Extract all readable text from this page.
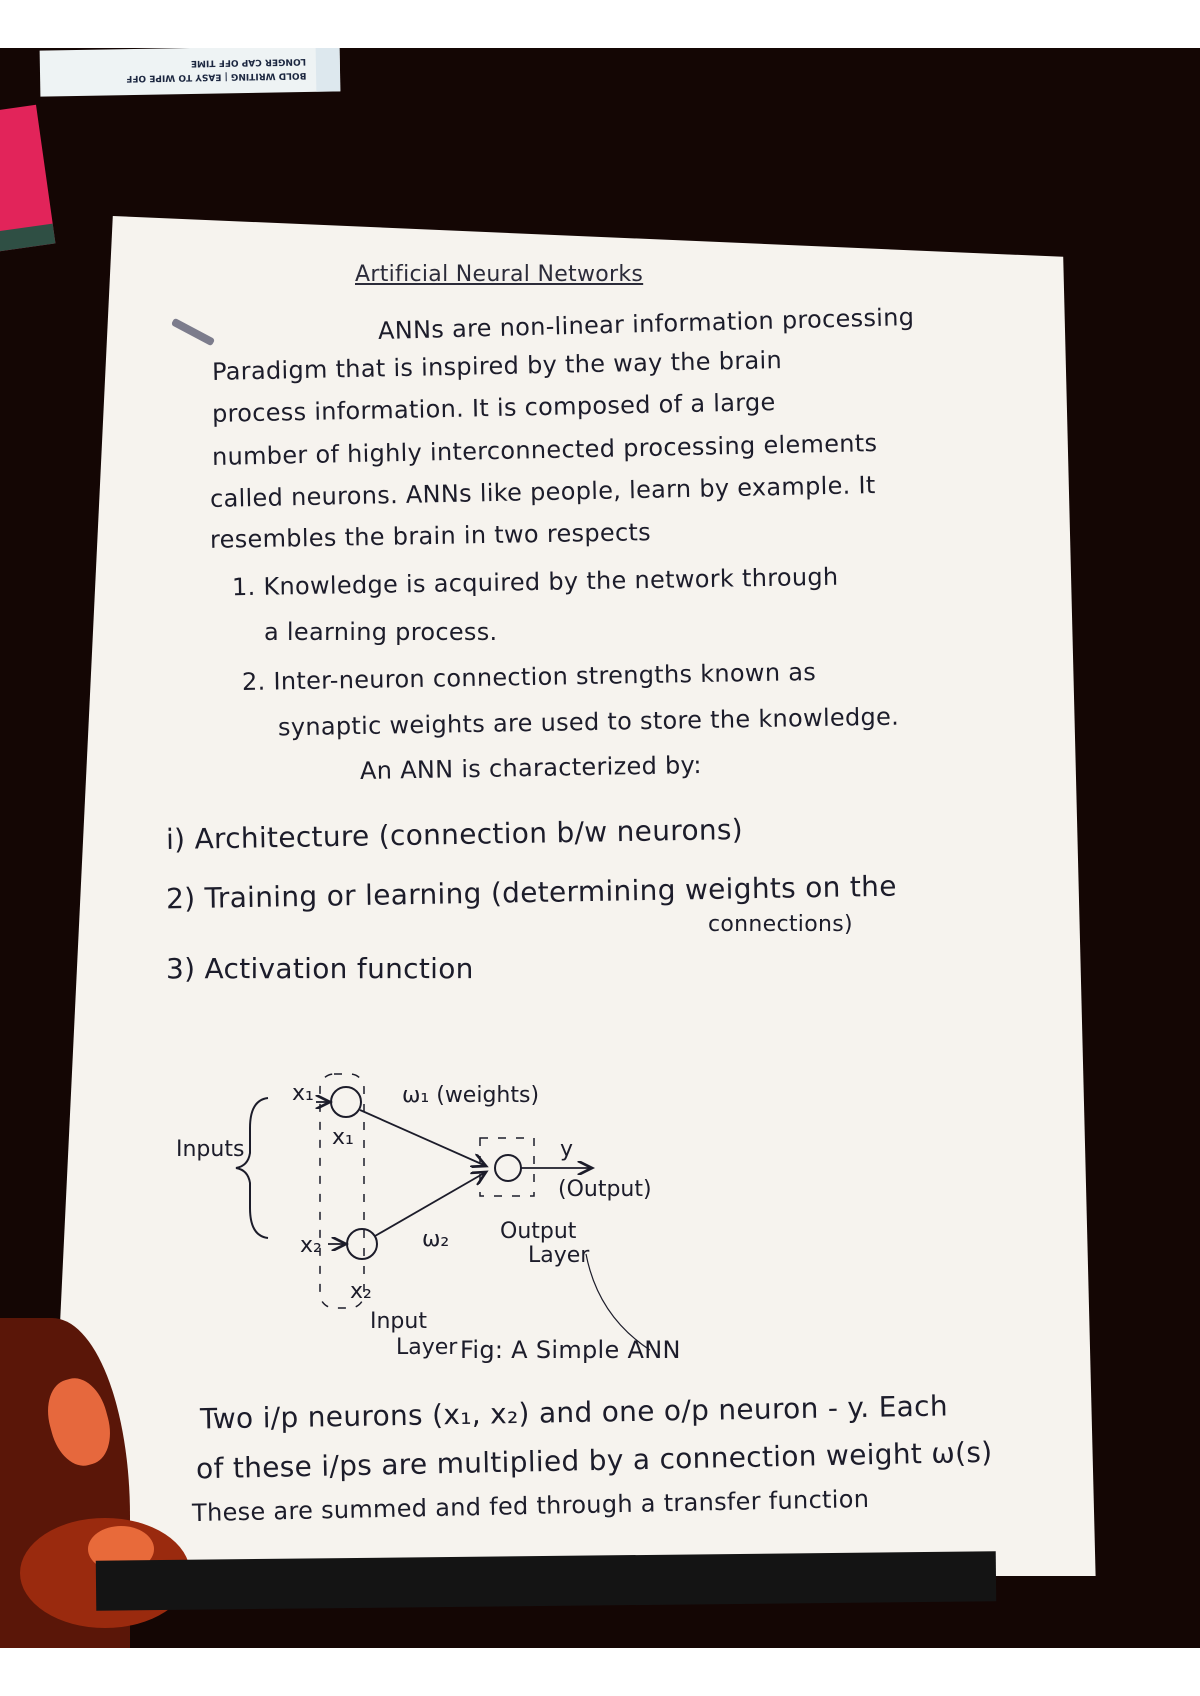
BOLD WRITING | EASY TO WIPE OFF
LONGER CAP OFF TIME
Artificial Neural Networks
ANNs are non-linear information processing
Paradigm that is inspired by the way the brain
process information. It is composed of a large
number of highly interconnected processing elements
called neurons. ANNs like people, learn by example. It
resembles the brain in two respects
1. Knowledge is acquired by the network through
a learning process.
2. Inter-neuron connection strengths known as
synaptic weights are used to store the knowledge.
An ANN is characterized by:
i) Architecture (connection b/w neurons)
2) Training or learning (determining weights on the
connections)
3) Activation function
Inputs
x₁
x₁
ω₁ (weights)
x₂
x₂
ω₂
y
(Output)
Output
Layer
Input
Layer Fig: A Simple ANN
Two i/p neurons (x₁, x₂) and one o/p neuron - y. Each
of these i/ps are multiplied by a connection weight ω(s)
These are summed and fed through a transfer function
